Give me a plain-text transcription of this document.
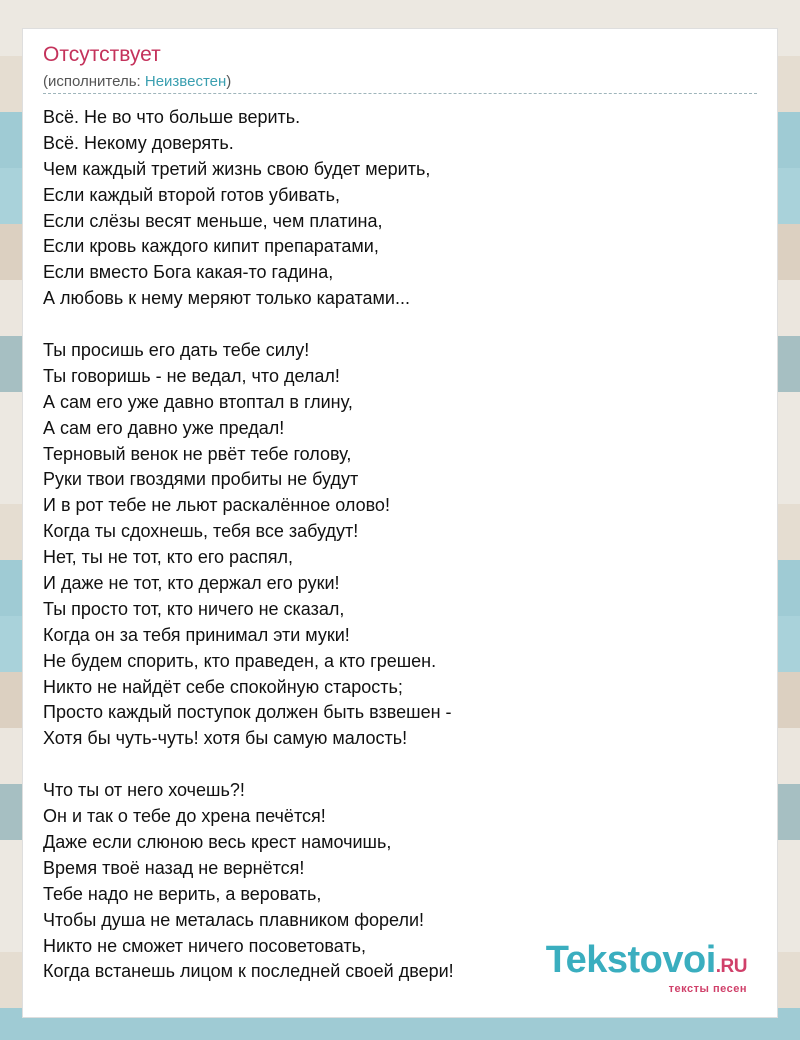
Отсутствует
(исполнитель: Неизвестен)
Всё. Не во что больше верить.
Всё. Некому доверять.
Чем каждый третий жизнь свою будет мерить,
Если каждый второй готов убивать,
Если слёзы весят меньше, чем платина,
Если кровь каждого кипит препаратами,
Если вместо Бога какая-то гадина,
А любовь к нему меряют только каратами...
Ты просишь его дать тебе силу!
Ты говоришь - не ведал, что делал!
А сам его уже давно втоптал в глину,
А сам его давно уже предал!
Терновый венок не рвёт тебе голову,
Руки твои гвоздями пробиты не будут
И в рот тебе не льют раскалённое олово!
Когда ты сдохнешь, тебя все забудут!
Нет, ты не тот, кто его распял,
И даже не тот, кто держал его руки!
Ты просто тот, кто ничего не сказал,
Когда он за тебя принимал эти муки!
Не будем спорить, кто праведен, а кто грешен.
Никто не найдёт себе спокойную старость;
Просто каждый поступок должен быть взвешен -
Хотя бы чуть-чуть! хотя бы самую малость!
Что ты от него хочешь?!
Он и так о тебе до хрена печётся!
Даже если слюною весь крест намочишь,
Время твоё назад не вернётся!
Тебе надо не верить, а веровать,
Чтобы душа не металась плавником форели!
Никто не сможет ничего посоветовать,
Когда встанешь лицом к последней своей двери! Tekstovoi.RU
тексты песен
